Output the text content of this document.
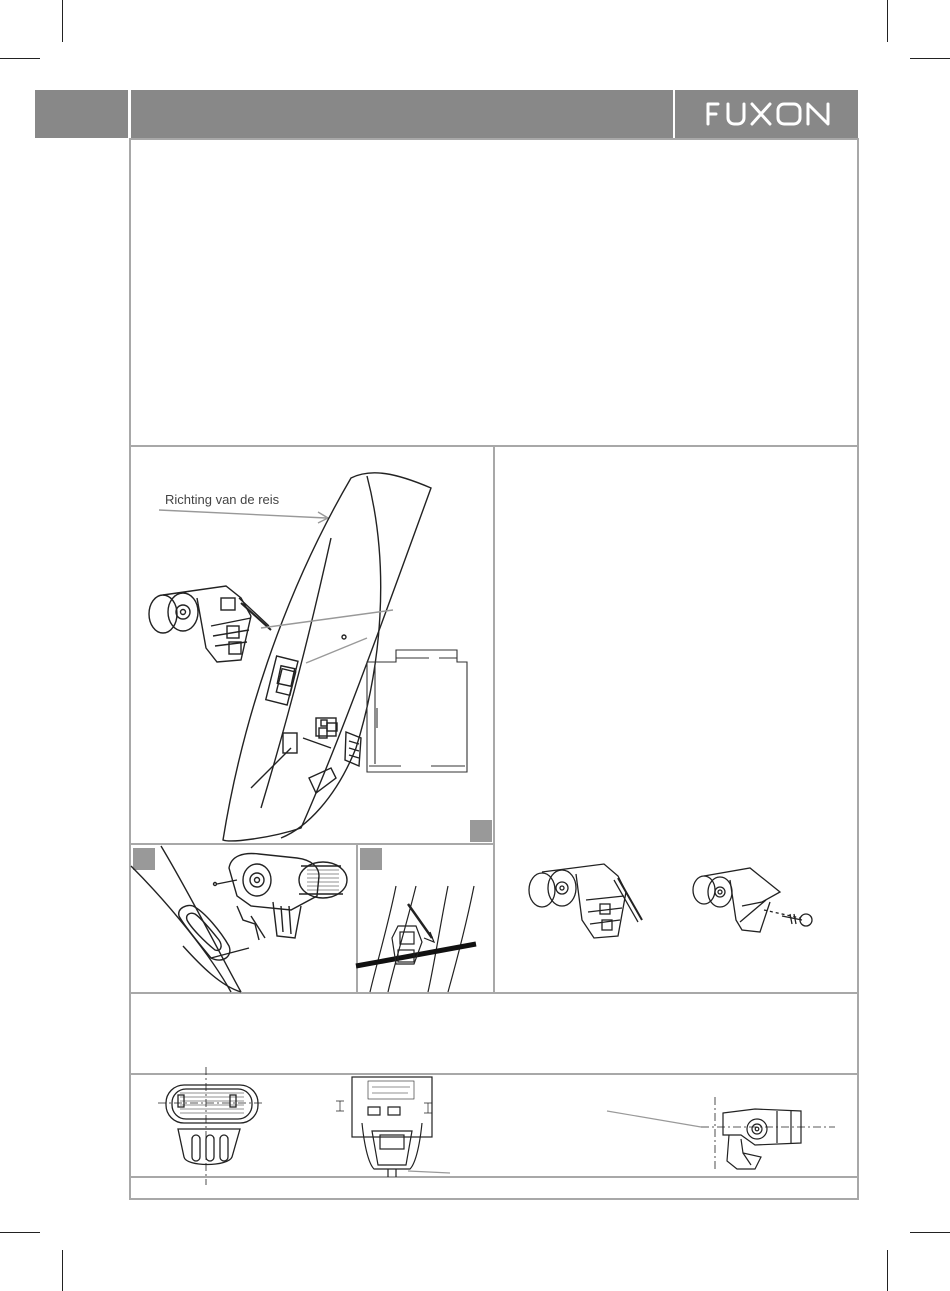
Richting van de reis
